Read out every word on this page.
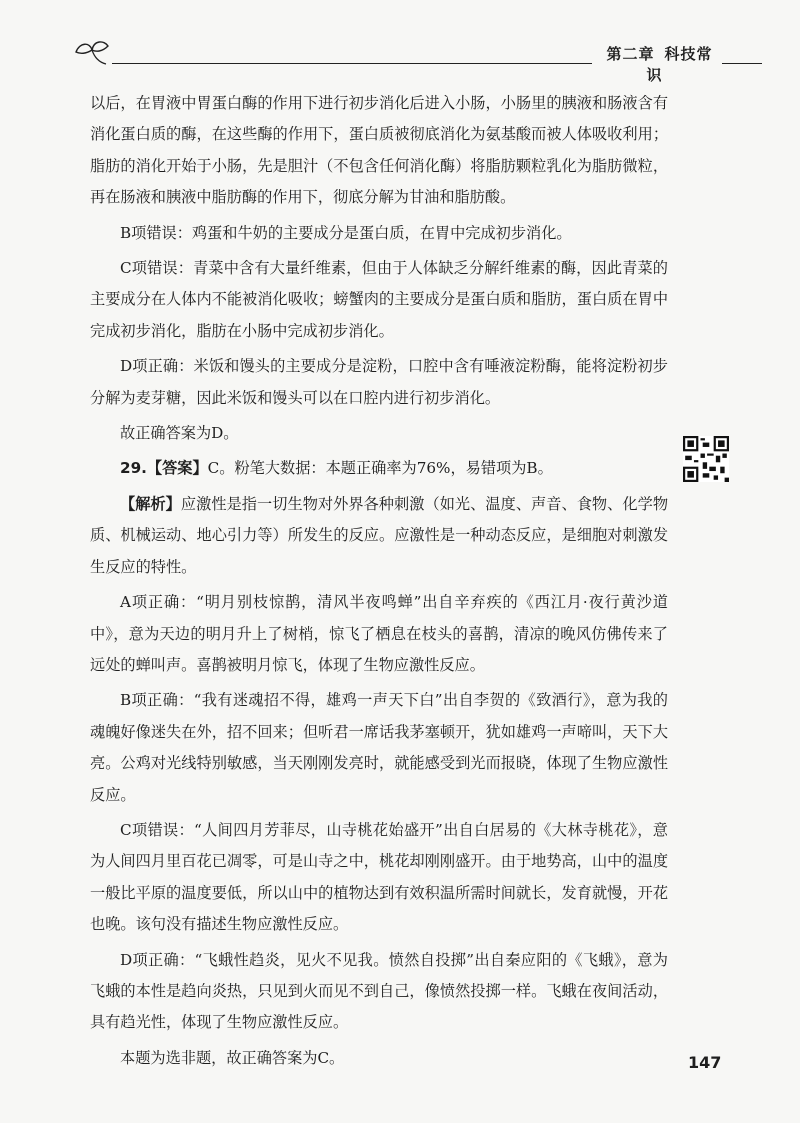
第二章 科技常识

以后，在胃液中胃蛋白酶的作用下进行初步消化后进入小肠，小肠里的胰液和肠液含有消化蛋白质的酶，在这些酶的作用下，蛋白质被彻底消化为氨基酸而被人体吸收利用；脂肪的消化开始于小肠，先是胆汁（不包含任何消化酶）将脂肪颗粒乳化为脂肪微粒，再在肠液和胰液中脂肪酶的作用下，彻底分解为甘油和脂肪酸。

B项错误：鸡蛋和牛奶的主要成分是蛋白质，在胃中完成初步消化。

C项错误：青菜中含有大量纤维素，但由于人体缺乏分解纤维素的酶，因此青菜的主要成分在人体内不能被消化吸收；螃蟹肉的主要成分是蛋白质和脂肪，蛋白质在胃中完成初步消化，脂肪在小肠中完成初步消化。

D项正确：米饭和馒头的主要成分是淀粉，口腔中含有唾液淀粉酶，能将淀粉初步分解为麦芽糖，因此米饭和馒头可以在口腔内进行初步消化。

故正确答案为D。

29.【答案】C。粉笔大数据：本题正确率为76%，易错项为B。

【解析】应激性是指一切生物对外界各种刺激（如光、温度、声音、食物、化学物质、机械运动、地心引力等）所发生的反应。应激性是一种动态反应，是细胞对刺激发生反应的特性。

A项正确：“明月别枝惊鹊，清风半夜鸣蝉”出自辛弃疾的《西江月·夜行黄沙道中》，意为天边的明月升上了树梢，惊飞了栖息在枝头的喜鹊，清凉的晚风仿佛传来了远处的蝉叫声。喜鹊被明月惊飞，体现了生物应激性反应。

B项正确：“我有迷魂招不得，雄鸡一声天下白”出自李贺的《致酒行》，意为我的魂魄好像迷失在外，招不回来；但听君一席话我茅塞顿开，犹如雄鸡一声啼叫，天下大亮。公鸡对光线特别敏感，当天刚刚发亮时，就能感受到光而报晓，体现了生物应激性反应。

C项错误：“人间四月芳菲尽，山寺桃花始盛开”出自白居易的《大林寺桃花》，意为人间四月里百花已凋零，可是山寺之中，桃花却刚刚盛开。由于地势高，山中的温度一般比平原的温度要低，所以山中的植物达到有效积温所需时间就长，发育就慢，开花也晚。该句没有描述生物应激性反应。

D项正确：“飞蛾性趋炎，见火不见我。愤然自投掷”出自秦应阳的《飞蛾》，意为飞蛾的本性是趋向炎热，只见到火而见不到自己，像愤然投掷一样。飞蛾在夜间活动，具有趋光性，体现了生物应激性反应。

本题为选非题，故正确答案为C。	147
